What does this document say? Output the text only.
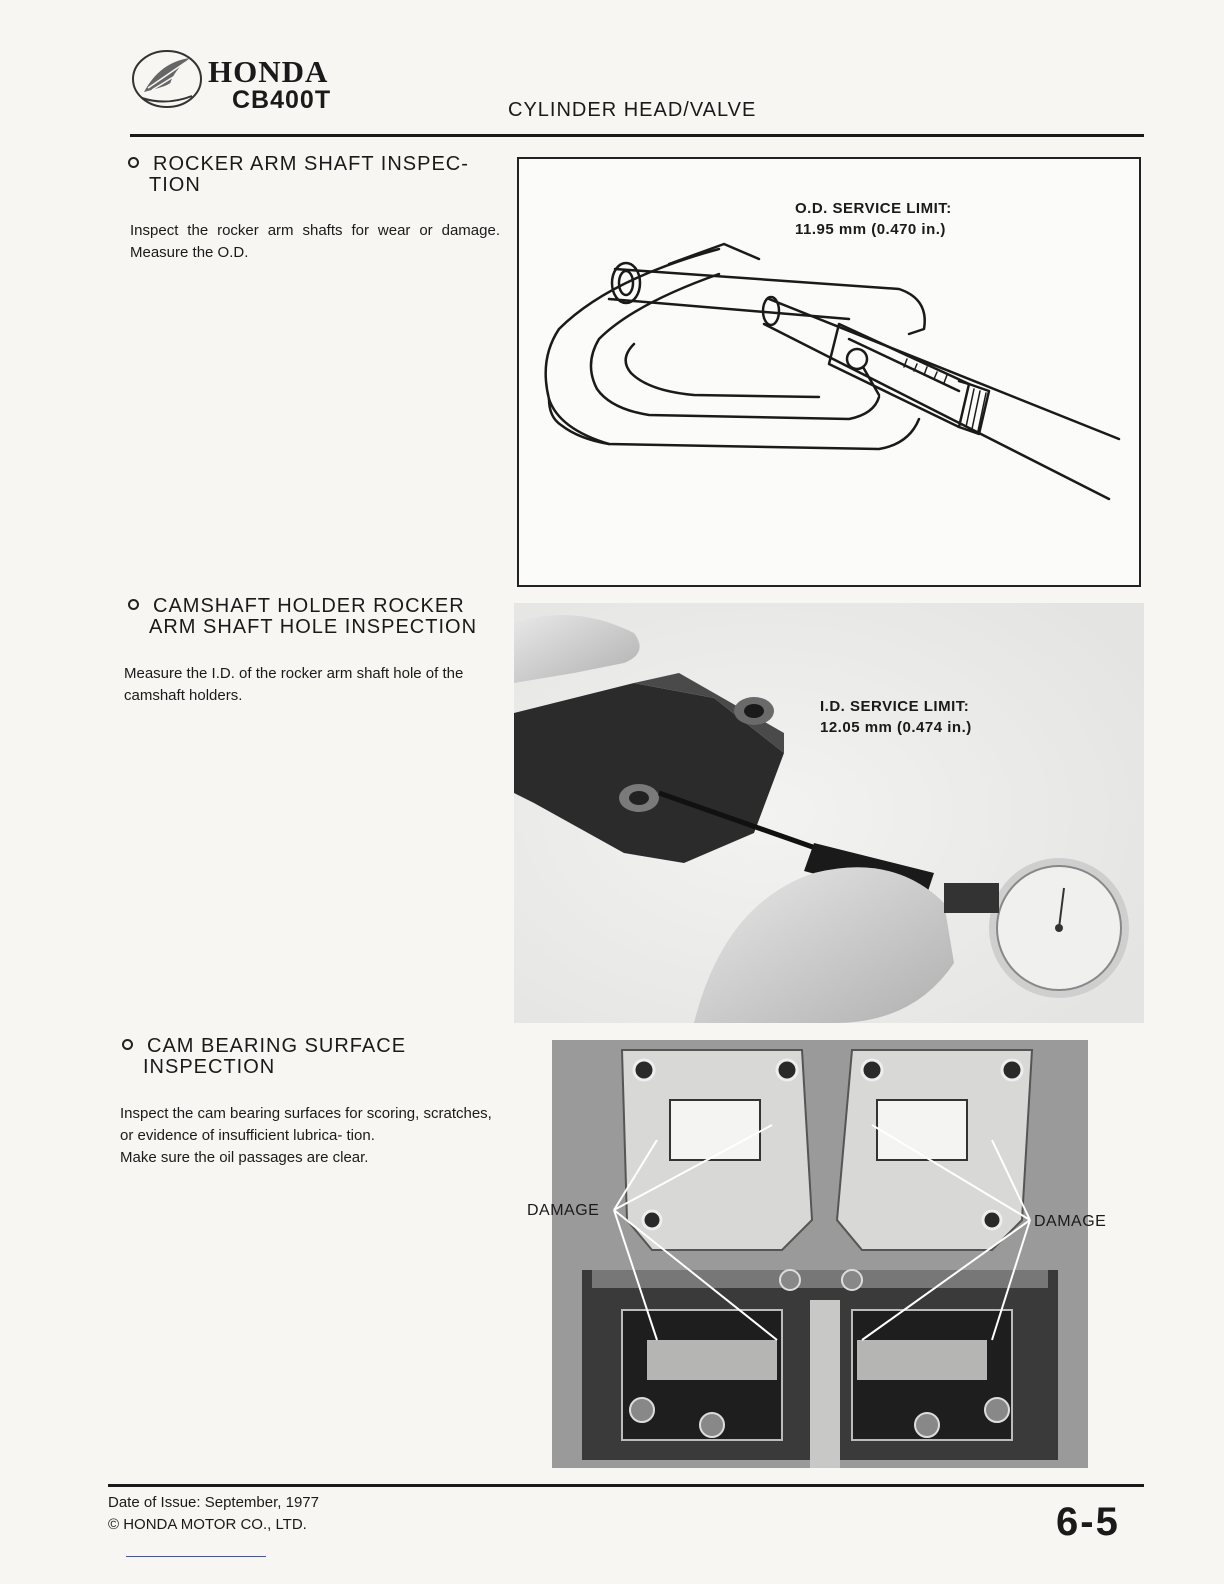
HONDA
CB400T	CYLINDER HEAD/VALVE
ROCKER ARM SHAFT INSPEC-
TION
Inspect the rocker arm shafts for wear or damage. Measure the O.D.
CAMSHAFT HOLDER ROCKER
ARM SHAFT HOLE INSPECTION
Measure the I.D. of the rocker arm shaft hole of the camshaft holders.
CAM BEARING SURFACE
INSPECTION
Inspect the cam bearing surfaces for scoring, scratches, or evidence of insufficient lubrica- tion.
Make sure the oil passages are clear.
O.D. SERVICE LIMIT:
11.95 mm (0.470 in.)
I.D. SERVICE LIMIT:
12.05 mm (0.474 in.)
DAMAGE
DAMAGE
Date of Issue: September, 1977
© HONDA MOTOR CO., LTD.	6-5
